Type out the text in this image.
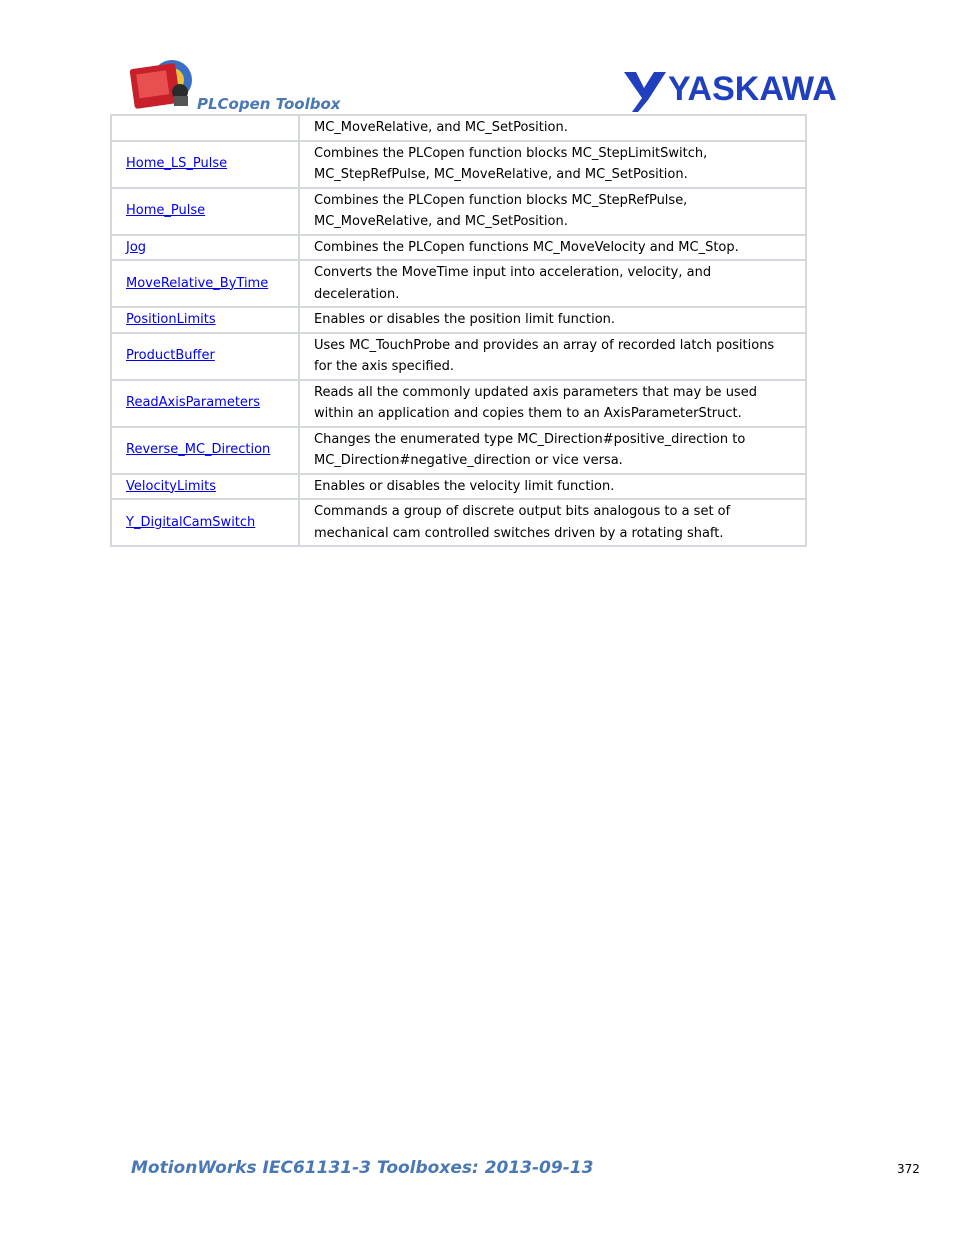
PLCopen Toolbox	YASKAWA
	MC_MoveRelative, and MC_SetPosition.
Home_LS_Pulse	Combines the PLCopen function blocks MC_StepLimitSwitch, MC_StepRefPulse, MC_MoveRelative, and MC_SetPosition.
Home_Pulse	Combines the PLCopen function blocks MC_StepRefPulse, MC_MoveRelative, and MC_SetPosition.
Jog	Combines the PLCopen functions MC_MoveVelocity and MC_Stop.
MoveRelative_ByTime	Converts the MoveTime input into acceleration, velocity, and deceleration.
PositionLimits	Enables or disables the position limit function.
ProductBuffer	Uses MC_TouchProbe and provides an array of recorded latch positions for the axis specified.
ReadAxisParameters	Reads all the commonly updated axis parameters that may be used within an application and copies them to an AxisParameterStruct.
Reverse_MC_Direction	Changes the enumerated type MC_Direction#positive_direction to MC_Direction#negative_direction or vice versa.
VelocityLimits	Enables or disables the velocity limit function.
Y_DigitalCamSwitch	Commands a group of discrete output bits analogous to a set of mechanical cam controlled switches driven by a rotating shaft.
MotionWorks IEC61131-3 Toolboxes: 2013-09-13	372
